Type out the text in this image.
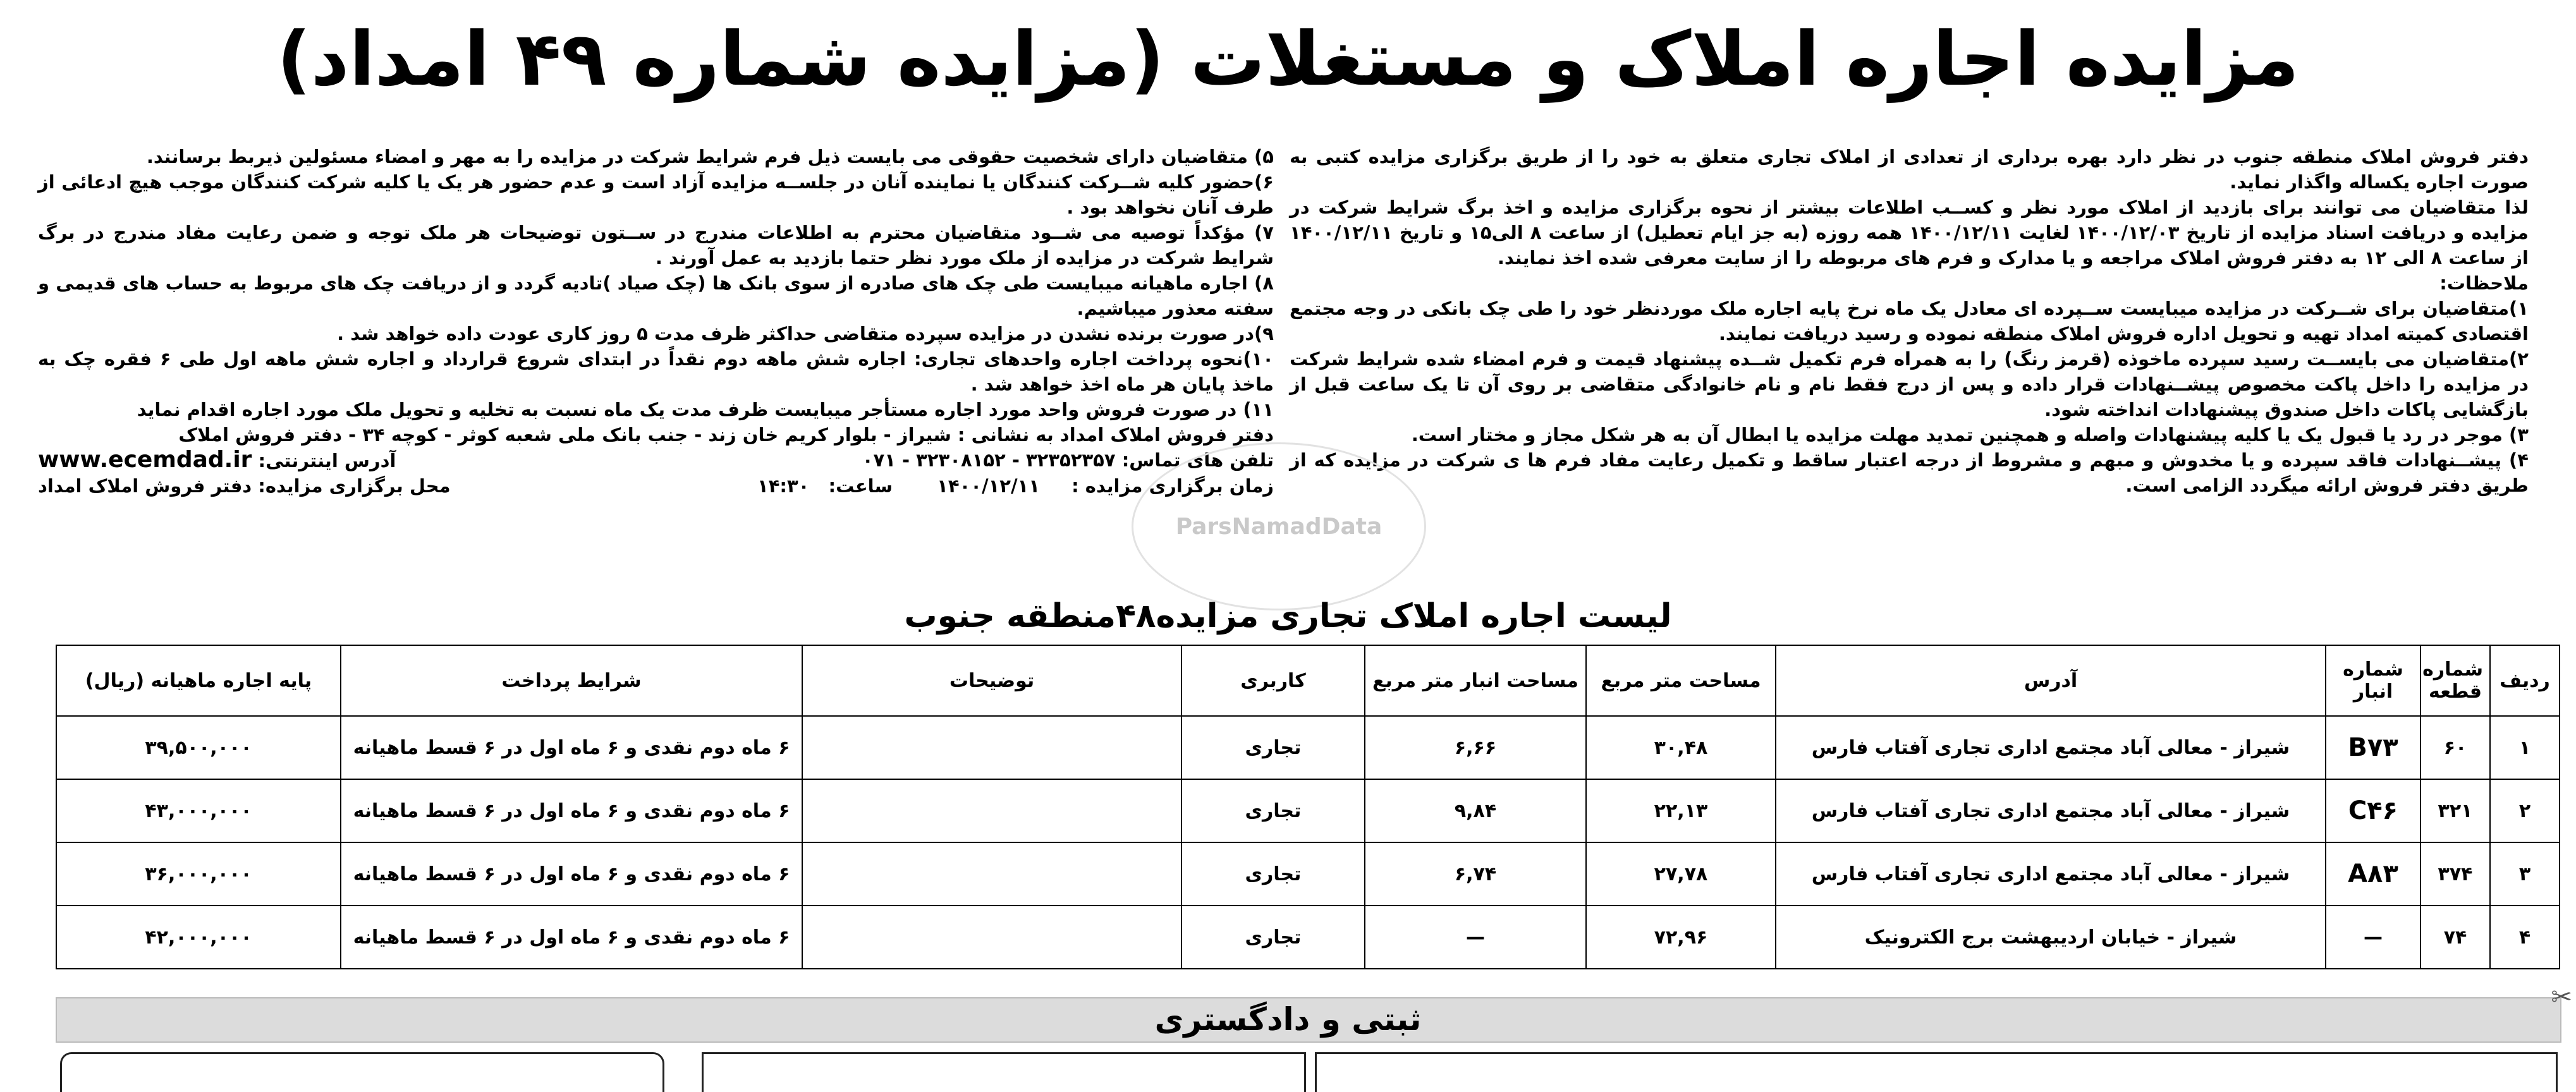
مزایده اجاره املاک و مستغلات (مزایده شماره ۴۹ امداد)

دفتر فروش املاک منطقه جنوب در نظر دارد بهره برداری از تعدادی از املاک تجاری متعلق به خود را از طریق برگزاری مزایده کتبی به صورت اجاره یکساله واگذار نماید.

لذا متقاضیان می توانند برای بازدید از املاک مورد نظر و کســب اطلاعات بیشتر از نحوه برگزاری مزایده و اخذ برگ شرایط شرکت در مزایده و دریافت اسناد مزایده از تاریخ ۱۴۰۰/۱۲/۰۳ لغایت ۱۴۰۰/۱۲/۱۱ همه روزه (به جز ایام تعطیل) از ساعت ۸ الی۱۵ و تاریخ ۱۴۰۰/۱۲/۱۱ از ساعت ۸ الی ۱۲ به دفتر فروش املاک مراجعه و یا مدارک و فرم های مربوطه را از سایت معرفی شده اخذ نمایند.

ملاحظات:

۱)متقاضیان برای شــرکت در مزایده میبایست ســپرده ای معادل یک ماه نرخ پایه اجاره ملک موردنظر خود را طی چک بانکی در وجه مجتمع اقتصادی کمیته امداد تهیه و تحویل اداره فروش املاک منطقه نموده و رسید دریافت نمایند.

۲)متقاضیان می بایســت رسید سپرده ماخوذه (قرمز رنگ) را به همراه فرم تکمیل شــده پیشنهاد قیمت و فرم امضاء شده شرایط شرکت در مزایده را داخل پاکت مخصوص پیشــنهادات قرار داده و پس از درج فقط نام و نام خانوادگی متقاضی بر روی آن تا یک ساعت قبل از بازگشایی پاکات داخل صندوق پیشنهادات انداخته شود.

۳) موجر در رد یا قبول یک یا کلیه پیشنهادات واصله و همچنین تمدید مهلت مزایده یا ابطال آن به هر شکل مجاز و مختار است.

۴) پیشــنهادات فاقد سپرده و یا مخدوش و مبهم و مشروط از درجه اعتبار ساقط و تکمیل رعایت مفاد فرم ها ی شرکت در مزایده که از طریق دفتر فروش ارائه میگردد الزامی است.

۵) متقاضیان دارای شخصیت حقوقی می بایست ذیل فرم شرایط شرکت در مزایده را به مهر و امضاء مسئولین ذیربط برسانند.

۶)حضور کلیه شــرکت کنندگان یا نماینده آنان در جلســه مزایده آزاد است و عدم حضور هر یک یا کلیه شرکت کنندگان موجب هیچ ادعائی از طرف آنان نخواهد بود .

۷) مؤکداً توصیه می شــود متقاضیان محترم به اطلاعات مندرج در ســتون توضیحات هر ملک توجه و ضمن رعایت مفاد مندرج در برگ شرایط شرکت در مزایده از ملک مورد نظر حتما بازدید به عمل آورند .

۸) اجاره ماهیانه میبایست طی چک های صادره از سوی بانک ها (چک صیاد )تادیه گردد و از دریافت چک های مربوط به حساب های قدیمی و سفته معذور میباشیم.

۹)در صورت برنده نشدن در مزایده سپرده متقاضی حداکثر ظرف مدت ۵ روز کاری عودت داده خواهد شد .

۱۰)نحوه پرداخت اجاره واحدهای تجاری: اجاره شش ماهه دوم نقداً در ابتدای شروع قرارداد و اجاره شش ماهه اول طی ۶ فقره چک به ماخذ پایان هر ماه اخذ خواهد شد .

۱۱) در صورت فروش واحد مورد اجاره مستأجر میبایست ظرف مدت یک ماه نسبت به تخلیه و تحویل ملک مورد اجاره اقدام نماید

دفتر فروش املاک امداد به نشانی : شیراز - بلوار کریم خان زند - جنب بانک ملی شعبه کوثر - کوچه ۳۴ - دفتر فروش املاک

تلفن های تماس: ۰۷۱ - ۳۲۳۰۸۱۵۲ - ۳۲۳۵۲۳۵۷
آدرس اینترنتی: www.ecemdad.ir
زمان برگزاری مزایده : ۱۴۰۰/۱۲/۱۱ ساعت: ۱۴:۳۰
محل برگزاری مزایده: دفتر فروش املاک امداد
ParsNamadData
لیست اجاره املاک تجاری مزایده۴۸منطقه جنوب
ردیف	شماره قطعه	شماره انبار	آدرس	مساحت متر مربع	مساحت انبار متر مربع	کاربری	توضیحات	شرایط پرداخت	پایه اجاره ماهیانه (ریال)
۱	۶۰	B۷۳	شیراز - معالی آباد مجتمع اداری تجاری آفتاب فارس	۳۰,۴۸	۶,۶۶	تجاری		۶ ماه دوم نقدی و ۶ ماه اول در ۶ قسط ماهیانه	۳۹,۵۰۰,۰۰۰
۲	۳۲۱	C۴۶	شیراز - معالی آباد مجتمع اداری تجاری آفتاب فارس	۲۲,۱۳	۹,۸۴	تجاری		۶ ماه دوم نقدی و ۶ ماه اول در ۶ قسط ماهیانه	۴۳,۰۰۰,۰۰۰
۳	۳۷۴	A۸۳	شیراز - معالی آباد مجتمع اداری تجاری آفتاب فارس	۲۷,۷۸	۶,۷۴	تجاری		۶ ماه دوم نقدی و ۶ ماه اول در ۶ قسط ماهیانه	۳۶,۰۰۰,۰۰۰
۴	۷۴	—	شیراز - خیابان اردیبهشت برج الکترونیک	۷۲,۹۶	—	تجاری		۶ ماه دوم نقدی و ۶ ماه اول در ۶ قسط ماهیانه	۴۲,۰۰۰,۰۰۰
ثبتی و دادگستری
✂
